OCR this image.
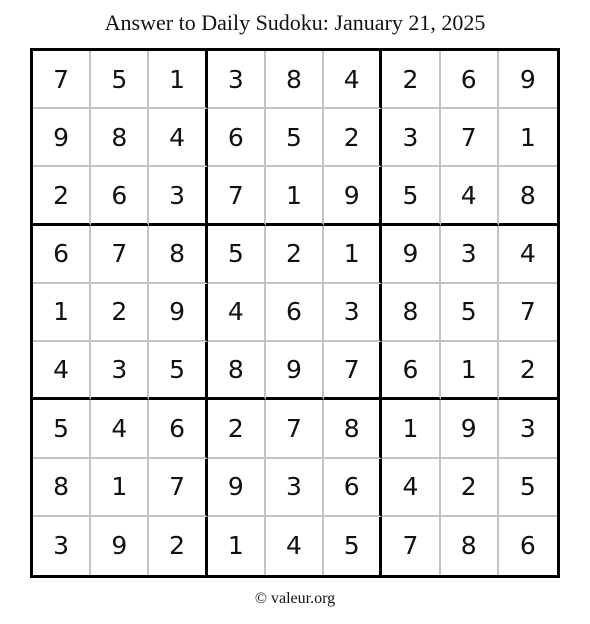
Answer to Daily Sudoku: January 21, 2025
7	5	1	3	8	4	2	6	9
9	8	4	6	5	2	3	7	1
2	6	3	7	1	9	5	4	8
6	7	8	5	2	1	9	3	4
1	2	9	4	6	3	8	5	7
4	3	5	8	9	7	6	1	2
5	4	6	2	7	8	1	9	3
8	1	7	9	3	6	4	2	5
3	9	2	1	4	5	7	8	6
© valeur.org
